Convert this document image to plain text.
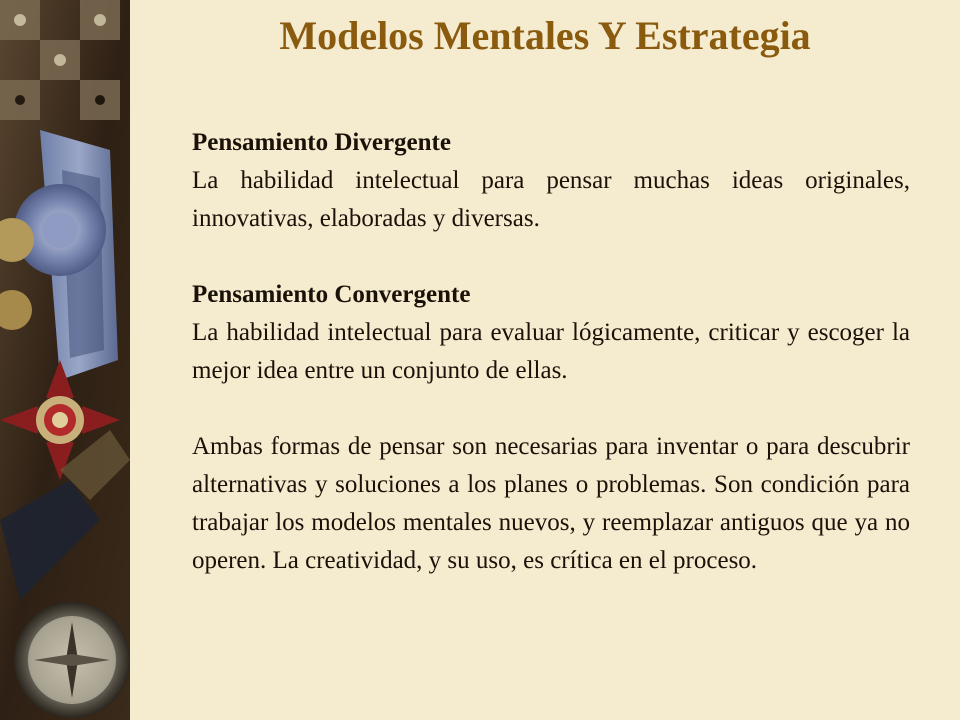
Modelos Mentales Y Estrategia
Pensamiento Divergente
La habilidad intelectual para pensar muchas ideas originales, innovativas, elaboradas y diversas.
Pensamiento Convergente
La habilidad intelectual para evaluar lógicamente, criticar y escoger la mejor idea entre un conjunto de ellas.
Ambas formas de pensar son necesarias para inventar o para descubrir alternativas y soluciones a los planes o problemas. Son condición para trabajar los modelos mentales nuevos, y reemplazar antiguos que ya no operen. La creatividad, y su uso, es crítica en el proceso.
